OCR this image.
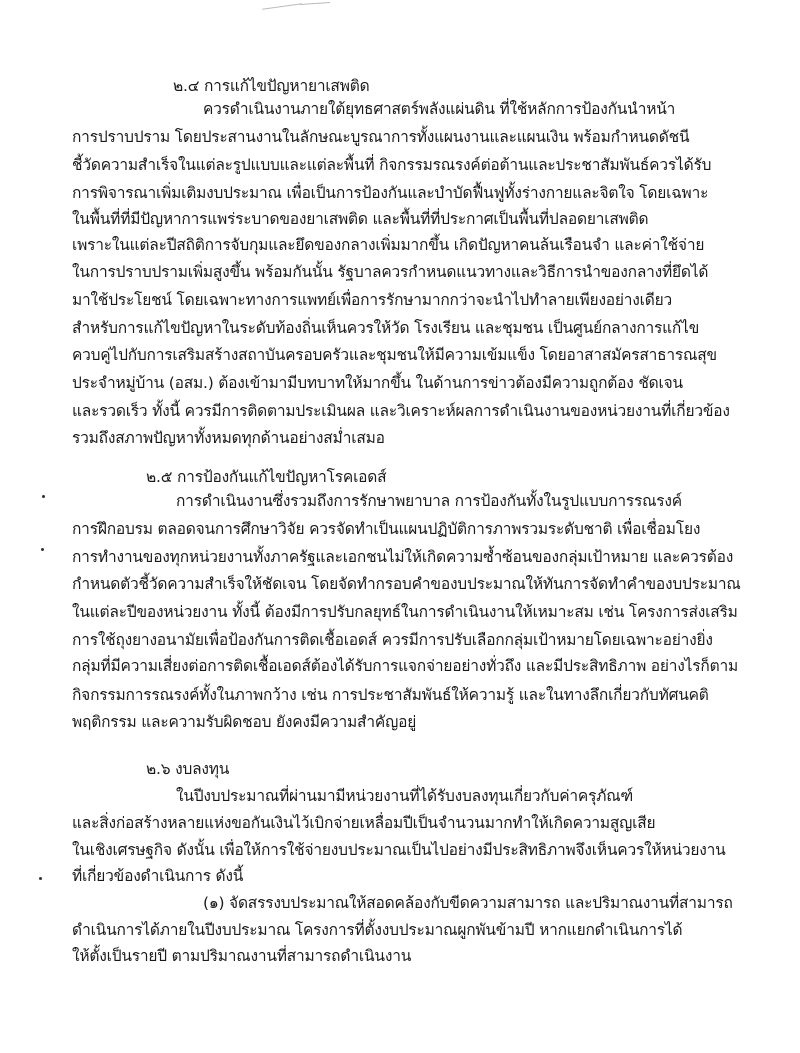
๒.๔ การแก้ไขปัญหายาเสพติด
ควรดำเนินงานภายใต้ยุทธศาสตร์พลังแผ่นดิน ที่ใช้หลักการป้องกันนำหน้า
การปราบปราม โดยประสานงานในลักษณะบูรณาการทั้งแผนงานและแผนเงิน พร้อมกำหนดดัชนี
ชี้วัดความสำเร็จในแต่ละรูปแบบและแต่ละพื้นที่ กิจกรรมรณรงค์ต่อต้านและประชาสัมพันธ์ควรได้รับ
การพิจารณาเพิ่มเติมงบประมาณ เพื่อเป็นการป้องกันและบำบัดฟื้นฟูทั้งร่างกายและจิตใจ โดยเฉพาะ
ในพื้นที่ที่มีปัญหาการแพร่ระบาดของยาเสพติด และพื้นที่ที่ประกาศเป็นพื้นที่ปลอดยาเสพติด
เพราะในแต่ละปีสถิติการจับกุมและยึดของกลางเพิ่มมากขึ้น เกิดปัญหาคนล้นเรือนจำ และค่าใช้จ่าย
ในการปราบปรามเพิ่มสูงขึ้น พร้อมกันนั้น รัฐบาลควรกำหนดแนวทางและวิธีการนำของกลางที่ยึดได้
มาใช้ประโยชน์ โดยเฉพาะทางการแพทย์เพื่อการรักษามากกว่าจะนำไปทำลายเพียงอย่างเดียว
สำหรับการแก้ไขปัญหาในระดับท้องถิ่นเห็นควรให้วัด โรงเรียน และชุมชน เป็นศูนย์กลางการแก้ไข
ควบคู่ไปกับการเสริมสร้างสถาบันครอบครัวและชุมชนให้มีความเข้มแข็ง โดยอาสาสมัครสาธารณสุข
ประจำหมู่บ้าน (อสม.) ต้องเข้ามามีบทบาทให้มากขึ้น ในด้านการข่าวต้องมีความถูกต้อง ชัดเจน
และรวดเร็ว ทั้งนี้ ควรมีการติดตามประเมินผล และวิเคราะห์ผลการดำเนินงานของหน่วยงานที่เกี่ยวข้อง
รวมถึงสภาพปัญหาทั้งหมดทุกด้านอย่างสม่ำเสมอ
๒.๕ การป้องกันแก้ไขปัญหาโรคเอดส์
การดำเนินงานซึ่งรวมถึงการรักษาพยาบาล การป้องกันทั้งในรูปแบบการรณรงค์
การฝึกอบรม ตลอดจนการศึกษาวิจัย ควรจัดทำเป็นแผนปฏิบัติการภาพรวมระดับชาติ เพื่อเชื่อมโยง
การทำงานของทุกหน่วยงานทั้งภาครัฐและเอกชนไม่ให้เกิดความซ้ำซ้อนของกลุ่มเป้าหมาย และควรต้อง
กำหนดตัวชี้วัดความสำเร็จให้ชัดเจน โดยจัดทำกรอบคำของบประมาณให้ทันการจัดทำคำของบประมาณ
ในแต่ละปีของหน่วยงาน ทั้งนี้ ต้องมีการปรับกลยุทธ์ในการดำเนินงานให้เหมาะสม เช่น โครงการส่งเสริม
การใช้ถุงยางอนามัยเพื่อป้องกันการติดเชื้อเอดส์ ควรมีการปรับเลือกกลุ่มเป้าหมายโดยเฉพาะอย่างยิ่ง
กลุ่มที่มีความเสี่ยงต่อการติดเชื้อเอดส์ต้องได้รับการแจกจ่ายอย่างทั่วถึง และมีประสิทธิภาพ อย่างไรก็ตาม
กิจกรรมการรณรงค์ทั้งในภาพกว้าง เช่น การประชาสัมพันธ์ให้ความรู้ และในทางลึกเกี่ยวกับทัศนคติ
พฤติกรรม และความรับผิดชอบ ยังคงมีความสำคัญอยู่
๒.๖ งบลงทุน
ในปีงบประมาณที่ผ่านมามีหน่วยงานที่ได้รับงบลงทุนเกี่ยวกับค่าครุภัณฑ์
และสิ่งก่อสร้างหลายแห่งขอกันเงินไว้เบิกจ่ายเหลื่อมปีเป็นจำนวนมากทำให้เกิดความสูญเสีย
ในเชิงเศรษฐกิจ ดังนั้น เพื่อให้การใช้จ่ายงบประมาณเป็นไปอย่างมีประสิทธิภาพจึงเห็นควรให้หน่วยงาน
ที่เกี่ยวข้องดำเนินการ ดังนี้
(๑) จัดสรรงบประมาณให้สอดคล้องกับขีดความสามารถ และปริมาณงานที่สามารถ
ดำเนินการได้ภายในปีงบประมาณ โครงการที่ตั้งงบประมาณผูกพันข้ามปี หากแยกดำเนินการได้
ให้ตั้งเป็นรายปี ตามปริมาณงานที่สามารถดำเนินงาน
